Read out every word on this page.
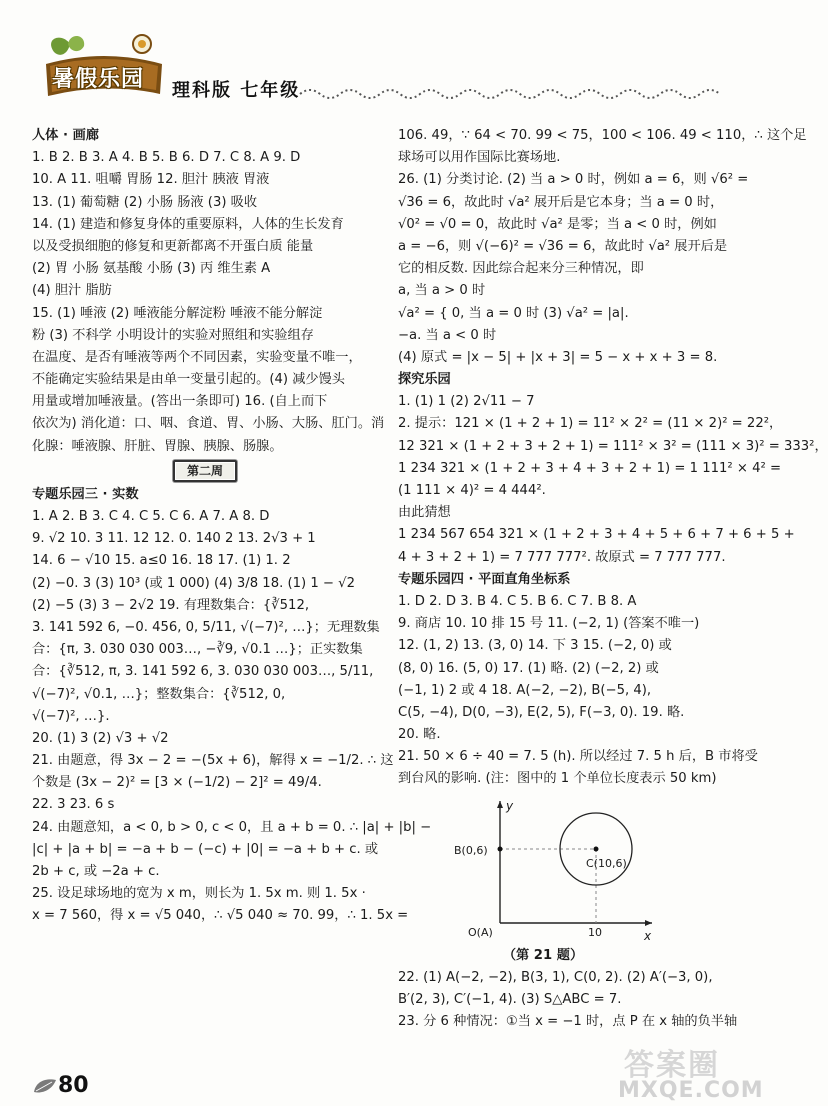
暑假乐园	理科版 七年级
人体 · 画廊
1. B 2. B 3. A 4. B 5. B 6. D 7. C 8. A 9. D
10. A 11. 咀嚼 胃肠 12. 胆汁 胰液 胃液
13. (1) 葡萄糖 (2) 小肠 肠液 (3) 吸收
14. (1) 建造和修复身体的重要原料，人体的生长发育
以及受损细胞的修复和更新都离不开蛋白质 能量
(2) 胃 小肠 氨基酸 小肠 (3) 丙 维生素 A
(4) 胆汁 脂肪
15. (1) 唾液 (2) 唾液能分解淀粉 唾液不能分解淀
粉 (3) 不科学 小明设计的实验对照组和实验组存
在温度、是否有唾液等两个不同因素，实验变量不唯一，
不能确定实验结果是由单一变量引起的。(4) 减少馒头
用量或增加唾液量。(答出一条即可) 16. (自上而下
依次为) 消化道：口、咽、食道、胃、小肠、大肠、肛门。消
化腺：唾液腺、肝脏、胃腺、胰腺、肠腺。
第二周
专题乐园三 · 实数
1. A 2. B 3. C 4. C 5. C 6. A 7. A 8. D
9. √2 10. 3 11. 12 12. 0. 140 2 13. 2√3 + 1
14. 6 − √10 15. a≤0 16. 18 17. (1) 1. 2
(2) −0. 3 (3) 10³ (或 1 000) (4) 3/8 18. (1) 1 − √2
(2) −5 (3) 3 − 2√2 19. 有理数集合：{∛512,
3. 141 592 6, −0. 456, 0, 5/11, √(−7)², …}；无理数集
合：{π, 3. 030 030 003…, −∛9, √0.1 …}；正实数集
合：{∛512, π, 3. 141 592 6, 3. 030 030 003…, 5/11,
√(−7)², √0.1, …}；整数集合：{∛512, 0,
√(−7)², …}.
20. (1) 3 (2) √3 + √2
21. 由题意，得 3x − 2 = −(5x + 6)，解得 x = −1/2. ∴ 这
个数是 (3x − 2)² = [3 × (−1/2) − 2]² = 49/4.
22. 3 23. 6 s
24. 由题意知，a < 0, b > 0, c < 0，且 a + b = 0. ∴ |a| + |b| −
|c| + |a + b| = −a + b − (−c) + |0| = −a + b + c. 或
2b + c, 或 −2a + c.
25. 设足球场地的宽为 x m，则长为 1. 5x m. 则 1. 5x ·
x = 7 560，得 x = √5 040，∴ √5 040 ≈ 70. 99，∴ 1. 5x =
106. 49，∵ 64 < 70. 99 < 75，100 < 106. 49 < 110，∴ 这个足
球场可以用作国际比赛场地.
26. (1) 分类讨论. (2) 当 a > 0 时，例如 a = 6，则 √6² =
√36 = 6，故此时 √a² 展开后是它本身；当 a = 0 时，
√0² = √0 = 0，故此时 √a² 是零；当 a < 0 时，例如
a = −6，则 √(−6)² = √36 = 6，故此时 √a² 展开后是
它的相反数. 因此综合起来分三种情况，即
a, 当 a > 0 时
√a² = { 0, 当 a = 0 时 (3) √a² = |a|.
−a. 当 a < 0 时
(4) 原式 = |x − 5| + |x + 3| = 5 − x + x + 3 = 8.
探究乐园
1. (1) 1 (2) 2√11 − 7
2. 提示：121 × (1 + 2 + 1) = 11² × 2² = (11 × 2)² = 22²，
12 321 × (1 + 2 + 3 + 2 + 1) = 111² × 3² = (111 × 3)² = 333²，
1 234 321 × (1 + 2 + 3 + 4 + 3 + 2 + 1) = 1 111² × 4² =
(1 111 × 4)² = 4 444².
由此猜想
1 234 567 654 321 × (1 + 2 + 3 + 4 + 5 + 6 + 7 + 6 + 5 +
4 + 3 + 2 + 1) = 7 777 777². 故原式 = 7 777 777.
专题乐园四 · 平面直角坐标系
1. D 2. D 3. B 4. C 5. B 6. C 7. B 8. A
9. 商店 10. 10 排 15 号 11. (−2, 1) (答案不唯一)
12. (1, 2) 13. (3, 0) 14. 下 3 15. (−2, 0) 或
(8, 0) 16. (5, 0) 17. (1) 略. (2) (−2, 2) 或
(−1, 1) 2 或 4 18. A(−2, −2), B(−5, 4),
C(5, −4), D(0, −3), E(2, 5), F(−3, 0). 19. 略.
20. 略.
21. 50 × 6 ÷ 40 = 7. 5 (h). 所以经过 7. 5 h 后，B 市将受
到台风的影响. (注：图中的 1 个单位长度表示 50 km)
y
x
O(A)
B(0,6)
C(10,6)
10
（第 21 题）
22. (1) A(−2, −2), B(3, 1), C(0, 2). (2) A′(−3, 0),
B′(2, 3), C′(−1, 4). (3) S△ABC = 7.
23. 分 6 种情况：①当 x = −1 时，点 P 在 x 轴的负半轴
80
答案圈
MXQE.COM
